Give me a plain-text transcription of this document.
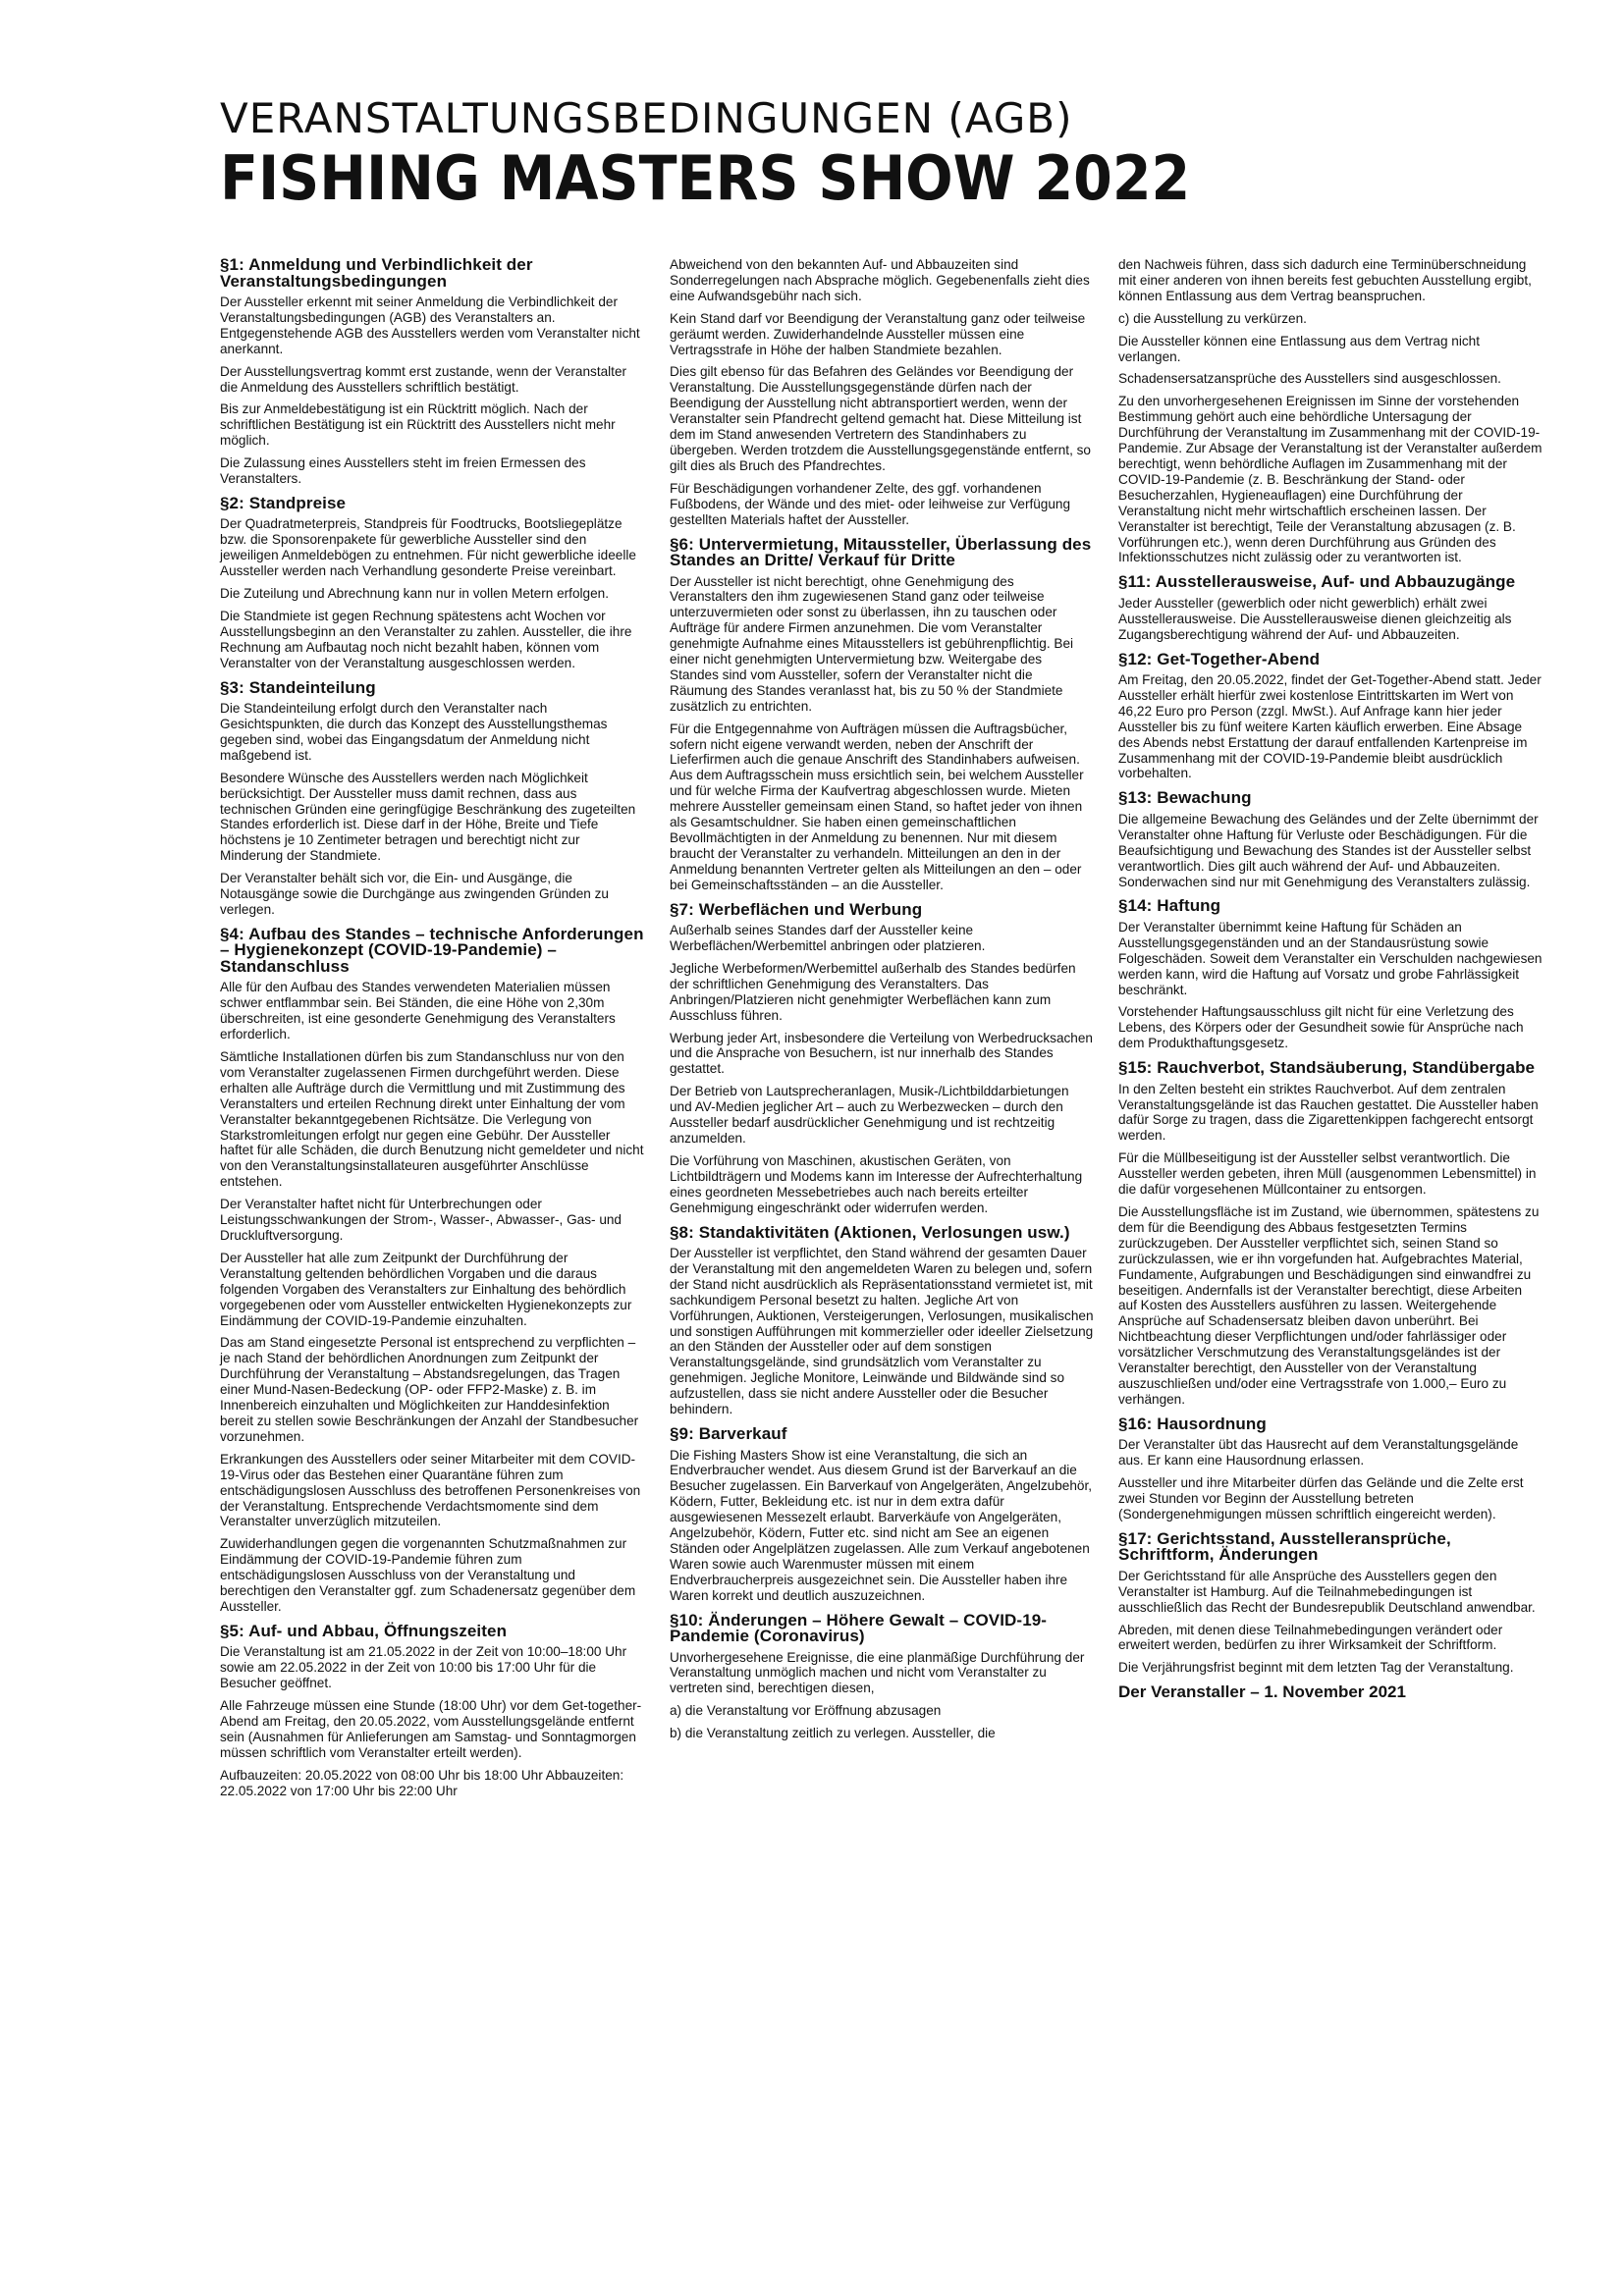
VERANSTALTUNGSBEDINGUNGEN (AGB)
FISHING MASTERS SHOW 2022
§1: Anmeldung und Verbindlichkeit der Veranstaltungsbedingungen

Der Aussteller erkennt mit seiner Anmeldung die Verbindlichkeit der Veranstaltungsbedingungen (AGB) des Veranstalters an. Entgegenstehende AGB des Ausstellers werden vom Veranstalter nicht anerkannt.

Der Ausstellungsvertrag kommt erst zustande, wenn der Veranstalter die Anmeldung des Ausstellers schriftlich bestätigt.

Bis zur Anmeldebestätigung ist ein Rücktritt möglich. Nach der schriftlichen Bestätigung ist ein Rücktritt des Ausstellers nicht mehr möglich.

Die Zulassung eines Ausstellers steht im freien Ermessen des Veranstalters.

§2: Standpreise

Der Quadratmeterpreis, Standpreis für Foodtrucks, Bootsliegeplätze bzw. die Sponsorenpakete für gewerbliche Aussteller sind den jeweiligen Anmeldebögen zu entnehmen. Für nicht gewerbliche ideelle Aussteller werden nach Verhandlung gesonderte Preise vereinbart.

Die Zuteilung und Abrechnung kann nur in vollen Metern erfolgen.

Die Standmiete ist gegen Rechnung spätestens acht Wochen vor Ausstellungsbeginn an den Veranstalter zu zahlen. Aussteller, die ihre Rechnung am Aufbautag noch nicht bezahlt haben, können vom Veranstalter von der Veranstaltung ausgeschlossen werden.

§3: Standeinteilung

Die Standeinteilung erfolgt durch den Veranstalter nach Gesichtspunkten, die durch das Konzept des Ausstellungsthemas gegeben sind, wobei das Eingangsdatum der Anmeldung nicht maßgebend ist.

Besondere Wünsche des Ausstellers werden nach Möglichkeit berücksichtigt. Der Aussteller muss damit rechnen, dass aus technischen Gründen eine geringfügige Beschränkung des zugeteilten Standes erforderlich ist. Diese darf in der Höhe, Breite und Tiefe höchstens je 10 Zentimeter betragen und berechtigt nicht zur Minderung der Standmiete.

Der Veranstalter behält sich vor, die Ein- und Ausgänge, die Notausgänge sowie die Durchgänge aus zwingenden Gründen zu verlegen.

§4: Aufbau des Standes – technische Anforderungen – Hygienekonzept (COVID-19-Pandemie) – Standanschluss

Alle für den Aufbau des Standes verwendeten Materialien müssen schwer entflammbar sein. Bei Ständen, die eine Höhe von 2,30m überschreiten, ist eine gesonderte Genehmigung des Veranstalters erforderlich.

Sämtliche Installationen dürfen bis zum Standanschluss nur von den vom Veranstalter zugelassenen Firmen durchgeführt werden. Diese erhalten alle Aufträge durch die Vermittlung und mit Zustimmung des Veranstalters und erteilen Rechnung direkt unter Einhaltung der vom Veranstalter bekanntgegebenen Richtsätze. Die Verlegung von Starkstromleitungen erfolgt nur gegen eine Gebühr. Der Aussteller haftet für alle Schäden, die durch Benutzung nicht gemeldeter und nicht von den Veranstaltungsinstallateuren ausgeführter Anschlüsse entstehen.

Der Veranstalter haftet nicht für Unterbrechungen oder Leistungsschwankungen der Strom-, Wasser-, Abwasser-, Gas- und Druckluftversorgung.

Der Aussteller hat alle zum Zeitpunkt der Durchführung der Veranstaltung geltenden behördlichen Vorgaben und die daraus folgenden Vorgaben des Veranstalters zur Einhaltung des behördlich vorgegebenen oder vom Aussteller entwickelten Hygienekonzepts zur Eindämmung der COVID-19-Pandemie einzuhalten.

Das am Stand eingesetzte Personal ist entsprechend zu verpflichten – je nach Stand der behördlichen Anordnungen zum Zeitpunkt der Durchführung der Veranstaltung – Abstandsregelungen, das Tragen einer Mund-Nasen-Bedeckung (OP- oder FFP2-Maske) z. B. im Innenbereich einzuhalten und Möglichkeiten zur Handdesinfektion bereit zu stellen sowie Beschränkungen der Anzahl der Standbesucher vorzunehmen.

Erkrankungen des Ausstellers oder seiner Mitarbeiter mit dem COVID-19-Virus oder das Bestehen einer Quarantäne führen zum entschädigungslosen Ausschluss des betroffenen Personenkreises von der Veranstaltung. Entsprechende Verdachtsmomente sind dem Veranstalter unverzüglich mitzuteilen.

Zuwiderhandlungen gegen die vorgenannten Schutzmaßnahmen zur Eindämmung der COVID-19-Pandemie führen zum entschädigungslosen Ausschluss von der Veranstaltung und berechtigen den Veranstalter ggf. zum Schadenersatz gegenüber dem Aussteller.

§5: Auf- und Abbau, Öffnungszeiten

Die Veranstaltung ist am 21.05.2022 in der Zeit von 10:00–18:00 Uhr sowie am 22.05.2022 in der Zeit von 10:00 bis 17:00 Uhr für die Besucher geöffnet.

Alle Fahrzeuge müssen eine Stunde (18:00 Uhr) vor dem Get-together-Abend am Freitag, den 20.05.2022, vom Ausstellungsgelände entfernt sein (Ausnahmen für Anlieferungen am Samstag- und Sonntagmorgen müssen schriftlich vom Veranstalter erteilt werden).

Aufbauzeiten: 20.05.2022 von 08:00 Uhr bis 18:00 Uhr Abbauzeiten: 22.05.2022 von 17:00 Uhr bis 22:00 Uhr

Abweichend von den bekannten Auf- und Abbauzeiten sind Sonderregelungen nach Absprache möglich. Gegebenenfalls zieht dies eine Aufwandsgebühr nach sich.

Kein Stand darf vor Beendigung der Veranstaltung ganz oder teilweise geräumt werden. Zuwiderhandelnde Aussteller müssen eine Vertragsstrafe in Höhe der halben Standmiete bezahlen.

Dies gilt ebenso für das Befahren des Geländes vor Beendigung der Veranstaltung. Die Ausstellungsgegenstände dürfen nach der Beendigung der Ausstellung nicht abtransportiert werden, wenn der Veranstalter sein Pfandrecht geltend gemacht hat. Diese Mitteilung ist dem im Stand anwesenden Vertretern des Standinhabers zu übergeben. Werden trotzdem die Ausstellungsgegenstände entfernt, so gilt dies als Bruch des Pfandrechtes.

Für Beschädigungen vorhandener Zelte, des ggf. vorhandenen Fußbodens, der Wände und des miet- oder leihweise zur Verfügung gestellten Materials haftet der Aussteller.

§6: Untervermietung, Mitaussteller, Überlassung des Standes an Dritte/ Verkauf für Dritte

Der Aussteller ist nicht berechtigt, ohne Genehmigung des Veranstalters den ihm zugewiesenen Stand ganz oder teilweise unterzuvermieten oder sonst zu überlassen, ihn zu tauschen oder Aufträge für andere Firmen anzunehmen. Die vom Veranstalter genehmigte Aufnahme eines Mitausstellers ist gebührenpflichtig. Bei einer nicht genehmigten Untervermietung bzw. Weitergabe des Standes sind vom Aussteller, sofern der Veranstalter nicht die Räumung des Standes veranlasst hat, bis zu 50 % der Standmiete zusätzlich zu entrichten.

Für die Entgegennahme von Aufträgen müssen die Auftragsbücher, sofern nicht eigene verwandt werden, neben der Anschrift der Lieferfirmen auch die genaue Anschrift des Standinhabers aufweisen. Aus dem Auftragsschein muss ersichtlich sein, bei welchem Aussteller und für welche Firma der Kaufvertrag abgeschlossen wurde. Mieten mehrere Aussteller gemeinsam einen Stand, so haftet jeder von ihnen als Gesamtschuldner. Sie haben einen gemeinschaftlichen Bevollmächtigten in der Anmeldung zu benennen. Nur mit diesem braucht der Veranstalter zu verhandeln. Mitteilungen an den in der Anmeldung benannten Vertreter gelten als Mitteilungen an den – oder bei Gemeinschaftsständen – an die Aussteller.

§7: Werbeflächen und Werbung

Außerhalb seines Standes darf der Aussteller keine Werbeflächen/Werbemittel anbringen oder platzieren.

Jegliche Werbeformen/Werbemittel außerhalb des Standes bedürfen der schriftlichen Genehmigung des Veranstalters. Das Anbringen/Platzieren nicht genehmigter Werbeflächen kann zum Ausschluss führen.

Werbung jeder Art, insbesondere die Verteilung von Werbedrucksachen und die Ansprache von Besuchern, ist nur innerhalb des Standes gestattet.

Der Betrieb von Lautsprecheranlagen, Musik-/Lichtbilddarbietungen und AV-Medien jeglicher Art – auch zu Werbezwecken – durch den Aussteller bedarf ausdrücklicher Genehmigung und ist rechtzeitig anzumelden.

Die Vorführung von Maschinen, akustischen Geräten, von Lichtbildträgern und Modems kann im Interesse der Aufrechterhaltung eines geordneten Messebetriebes auch nach bereits erteilter Genehmigung eingeschränkt oder widerrufen werden.

§8: Standaktivitäten (Aktionen, Verlosungen usw.)

Der Aussteller ist verpflichtet, den Stand während der gesamten Dauer der Veranstaltung mit den angemeldeten Waren zu belegen und, sofern der Stand nicht ausdrücklich als Repräsentationsstand vermietet ist, mit sachkundigem Personal besetzt zu halten. Jegliche Art von Vorführungen, Auktionen, Versteigerungen, Verlosungen, musikalischen und sonstigen Aufführungen mit kommerzieller oder ideeller Zielsetzung an den Ständen der Aussteller oder auf dem sonstigen Veranstaltungsgelände, sind grundsätzlich vom Veranstalter zu genehmigen. Jegliche Monitore, Leinwände und Bildwände sind so aufzustellen, dass sie nicht andere Aussteller oder die Besucher behindern.

§9: Barverkauf

Die Fishing Masters Show ist eine Veranstaltung, die sich an Endverbraucher wendet. Aus diesem Grund ist der Barverkauf an die Besucher zugelassen. Ein Barverkauf von Angelgeräten, Angelzubehör, Ködern, Futter, Bekleidung etc. ist nur in dem extra dafür ausgewiesenen Messezelt erlaubt. Barverkäufe von Angelgeräten, Angelzubehör, Ködern, Futter etc. sind nicht am See an eigenen Ständen oder Angelplätzen zugelassen. Alle zum Verkauf angebotenen Waren sowie auch Warenmuster müssen mit einem Endverbraucherpreis ausgezeichnet sein. Die Aussteller haben ihre Waren korrekt und deutlich auszuzeichnen.

§10: Änderungen – Höhere Gewalt – COVID-19-Pandemie (Coronavirus)

Unvorhergesehene Ereignisse, die eine planmäßige Durchführung der Veranstaltung unmöglich machen und nicht vom Veranstalter zu vertreten sind, berechtigen diesen,

a) die Veranstaltung vor Eröffnung abzusagen

b) die Veranstaltung zeitlich zu verlegen. Aussteller, die

den Nachweis führen, dass sich dadurch eine Terminüberschneidung mit einer anderen von ihnen bereits fest gebuchten Ausstellung ergibt, können Entlassung aus dem Vertrag beanspruchen.

c) die Ausstellung zu verkürzen.

Die Aussteller können eine Entlassung aus dem Vertrag nicht verlangen.

Schadensersatzansprüche des Ausstellers sind ausgeschlossen.

Zu den unvorhergesehenen Ereignissen im Sinne der vorstehenden Bestimmung gehört auch eine behördliche Untersagung der Durchführung der Veranstaltung im Zusammenhang mit der COVID-19-Pandemie. Zur Absage der Veranstaltung ist der Veranstalter außerdem berechtigt, wenn behördliche Auflagen im Zusammenhang mit der COVID-19-Pandemie (z. B. Beschränkung der Stand- oder Besucherzahlen, Hygieneauflagen) eine Durchführung der Veranstaltung nicht mehr wirtschaftlich erscheinen lassen. Der Veranstalter ist berechtigt, Teile der Veranstaltung abzusagen (z. B. Vorführungen etc.), wenn deren Durchführung aus Gründen des Infektionsschutzes nicht zulässig oder zu verantworten ist.

§11: Ausstellerausweise, Auf- und Abbauzugänge

Jeder Aussteller (gewerblich oder nicht gewerblich) erhält zwei Ausstellerausweise. Die Ausstellerausweise dienen gleichzeitig als Zugangsberechtigung während der Auf- und Abbauzeiten.

§12: Get-Together-Abend

Am Freitag, den 20.05.2022, findet der Get-Together-Abend statt. Jeder Aussteller erhält hierfür zwei kostenlose Eintrittskarten im Wert von 46,22 Euro pro Person (zzgl. MwSt.). Auf Anfrage kann hier jeder Aussteller bis zu fünf weitere Karten käuflich erwerben. Eine Absage des Abends nebst Erstattung der darauf entfallenden Kartenpreise im Zusammenhang mit der COVID-19-Pandemie bleibt ausdrücklich vorbehalten.

§13: Bewachung

Die allgemeine Bewachung des Geländes und der Zelte übernimmt der Veranstalter ohne Haftung für Verluste oder Beschädigungen. Für die Beaufsichtigung und Bewachung des Standes ist der Aussteller selbst verantwortlich. Dies gilt auch während der Auf- und Abbauzeiten. Sonderwachen sind nur mit Genehmigung des Veranstalters zulässig.

§14: Haftung

Der Veranstalter übernimmt keine Haftung für Schäden an Ausstellungsgegenständen und an der Standausrüstung sowie Folgeschäden. Soweit dem Veranstalter ein Verschulden nachgewiesen werden kann, wird die Haftung auf Vorsatz und grobe Fahrlässigkeit beschränkt.

Vorstehender Haftungsausschluss gilt nicht für eine Verletzung des Lebens, des Körpers oder der Gesundheit sowie für Ansprüche nach dem Produkthaftungsgesetz.

§15: Rauchverbot, Standsäuberung, Standübergabe

In den Zelten besteht ein striktes Rauchverbot. Auf dem zentralen Veranstaltungsgelände ist das Rauchen gestattet. Die Aussteller haben dafür Sorge zu tragen, dass die Zigarettenkippen fachgerecht entsorgt werden.

Für die Müllbeseitigung ist der Aussteller selbst verantwortlich. Die Aussteller werden gebeten, ihren Müll (ausgenommen Lebensmittel) in die dafür vorgesehenen Müllcontainer zu entsorgen.

Die Ausstellungsfläche ist im Zustand, wie übernommen, spätestens zu dem für die Beendigung des Abbaus festgesetzten Termins zurückzugeben. Der Aussteller verpflichtet sich, seinen Stand so zurückzulassen, wie er ihn vorgefunden hat. Aufgebrachtes Material, Fundamente, Aufgrabungen und Beschädigungen sind einwandfrei zu beseitigen. Andernfalls ist der Veranstalter berechtigt, diese Arbeiten auf Kosten des Ausstellers ausführen zu lassen. Weitergehende Ansprüche auf Schadensersatz bleiben davon unberührt. Bei Nichtbeachtung dieser Verpflichtungen und/oder fahrlässiger oder vorsätzlicher Verschmutzung des Veranstaltungsgeländes ist der Veranstalter berechtigt, den Aussteller von der Veranstaltung auszuschließen und/oder eine Vertragsstrafe von 1.000,– Euro zu verhängen.

§16: Hausordnung

Der Veranstalter übt das Hausrecht auf dem Veranstaltungsgelände aus. Er kann eine Hausordnung erlassen.

Aussteller und ihre Mitarbeiter dürfen das Gelände und die Zelte erst zwei Stunden vor Beginn der Ausstellung betreten (Sondergenehmigungen müssen schriftlich eingereicht werden).

§17: Gerichtsstand, Ausstelleransprüche, Schriftform, Änderungen

Der Gerichtsstand für alle Ansprüche des Ausstellers gegen den Veranstalter ist Hamburg. Auf die Teilnahmebedingungen ist ausschließlich das Recht der Bundesrepublik Deutschland anwendbar.

Abreden, mit denen diese Teilnahmebedingungen verändert oder erweitert werden, bedürfen zu ihrer Wirksamkeit der Schriftform.

Die Verjährungsfrist beginnt mit dem letzten Tag der Veranstaltung.

Der Veranstaller – 1. November 2021
